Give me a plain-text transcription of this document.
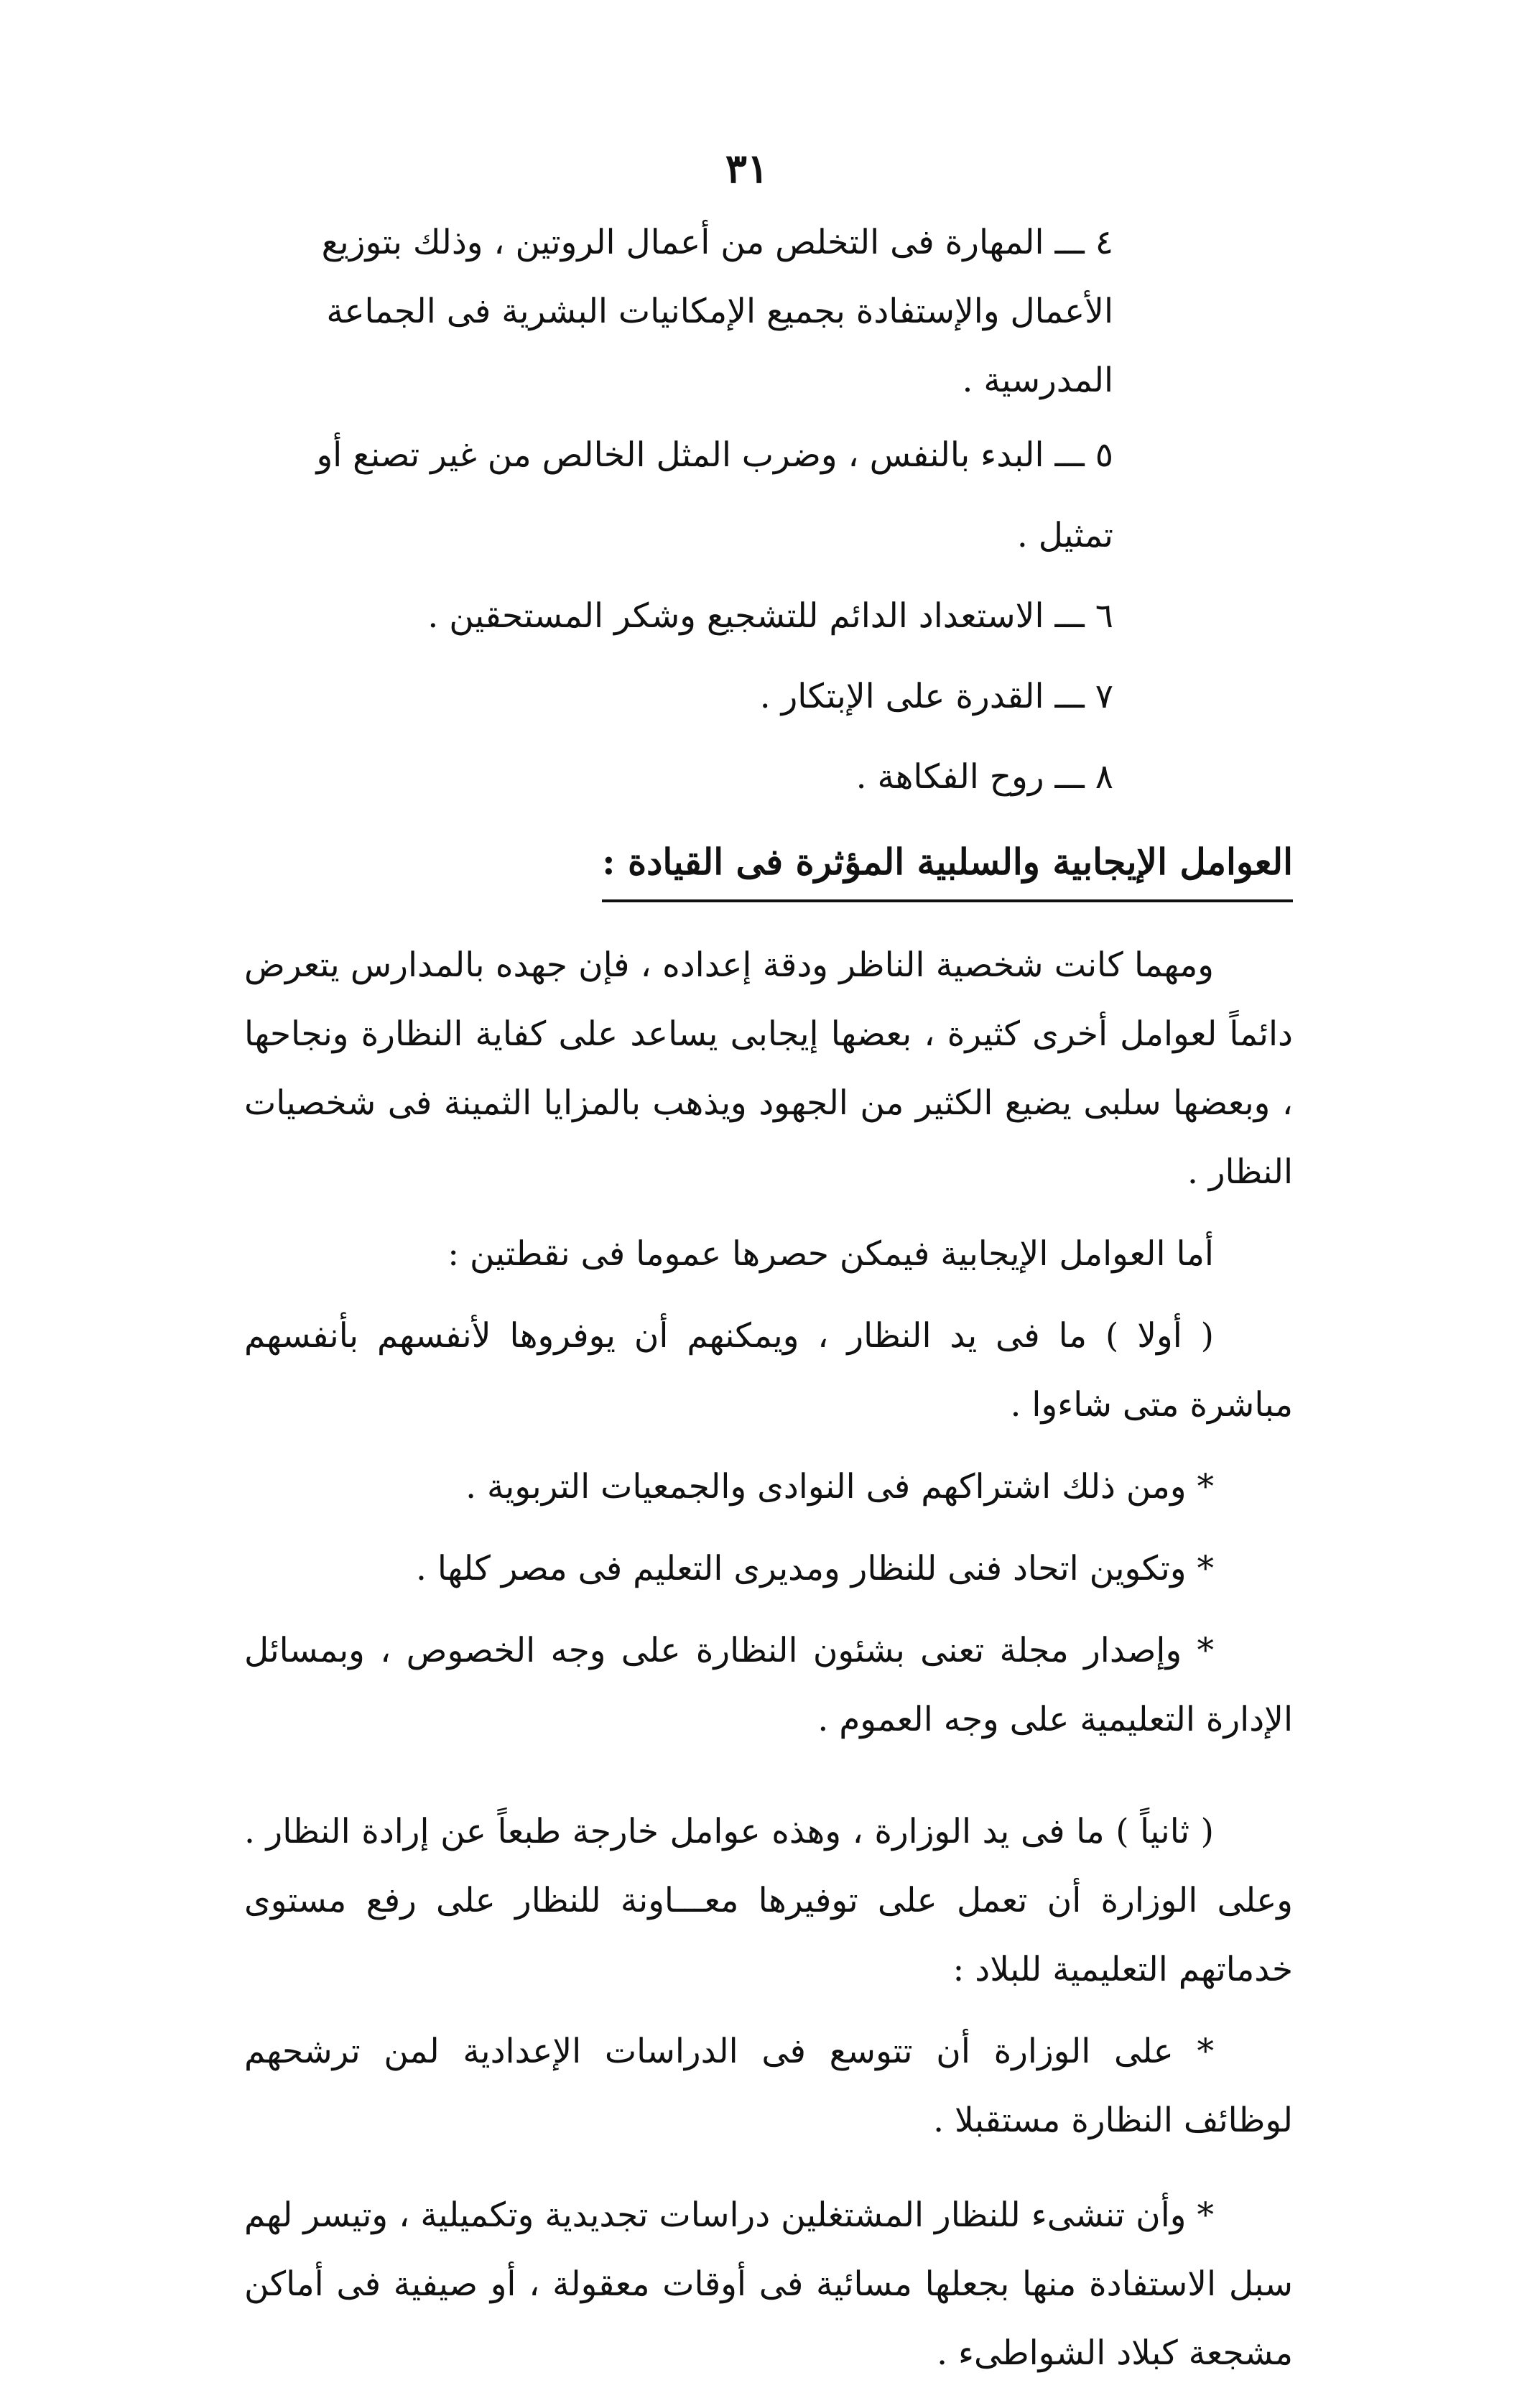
٣١

٤ ـــ المهارة فى التخلص من أعمال الروتين ، وذلك بتوزيع الأعمال والإستفادة بجميع الإمكانيات البشرية فى الجماعة المدرسية .

٥ ـــ البدء بالنفس ، وضرب المثل الخالص من غير تصنع أو تمثيل .

٦ ـــ الاستعداد الدائم للتشجيع وشكر المستحقين .

٧ ـــ القدرة على الإبتكار .

٨ ـــ روح الفكاهة .

العوامل الإيجابية والسلبية المؤثرة فى القيادة :

ومهما كانت شخصية الناظر ودقة إعداده ، فإن جهده بالمدارس يتعرض دائماً لعوامل أخرى كثيرة ، بعضها إيجابى يساعد على كفاية النظارة ونجاحها ، وبعضها سلبى يضيع الكثير من الجهود ويذهب بالمزايا الثمينة فى شخصيات النظار .

أما العوامل الإيجابية فيمكن حصرها عموما فى نقطتين :

( أولا ) ما فى يد النظار ، ويمكنهم أن يوفروها لأنفسهم بأنفسهم مباشرة متى شاءوا .

* ومن ذلك اشتراكهم فى النوادى والجمعيات التربوية .

* وتكوين اتحاد فنى للنظار ومديرى التعليم فى مصر كلها .

* وإصدار مجلة تعنى بشئون النظارة على وجه الخصوص ، وبمسائل الإدارة التعليمية على وجه العموم .

( ثانياً ) ما فى يد الوزارة ، وهذه عوامل خارجة طبعاً عن إرادة النظار . وعلى الوزارة أن تعمل على توفيرها معـــاونة للنظار على رفع مستوى خدماتهم التعليمية للبلاد :

* على الوزارة أن تتوسع فى الدراسات الإعدادية لمن ترشحهم لوظائف النظارة مستقبلا .

* وأن تنشىء للنظار المشتغلين دراسات تجديدية وتكميلية ، وتيسر لهم سبل الاستفادة منها بجعلها مسائية فى أوقات معقولة ، أو صيفية فى أماكن مشجعة كبلاد الشواطىء .
